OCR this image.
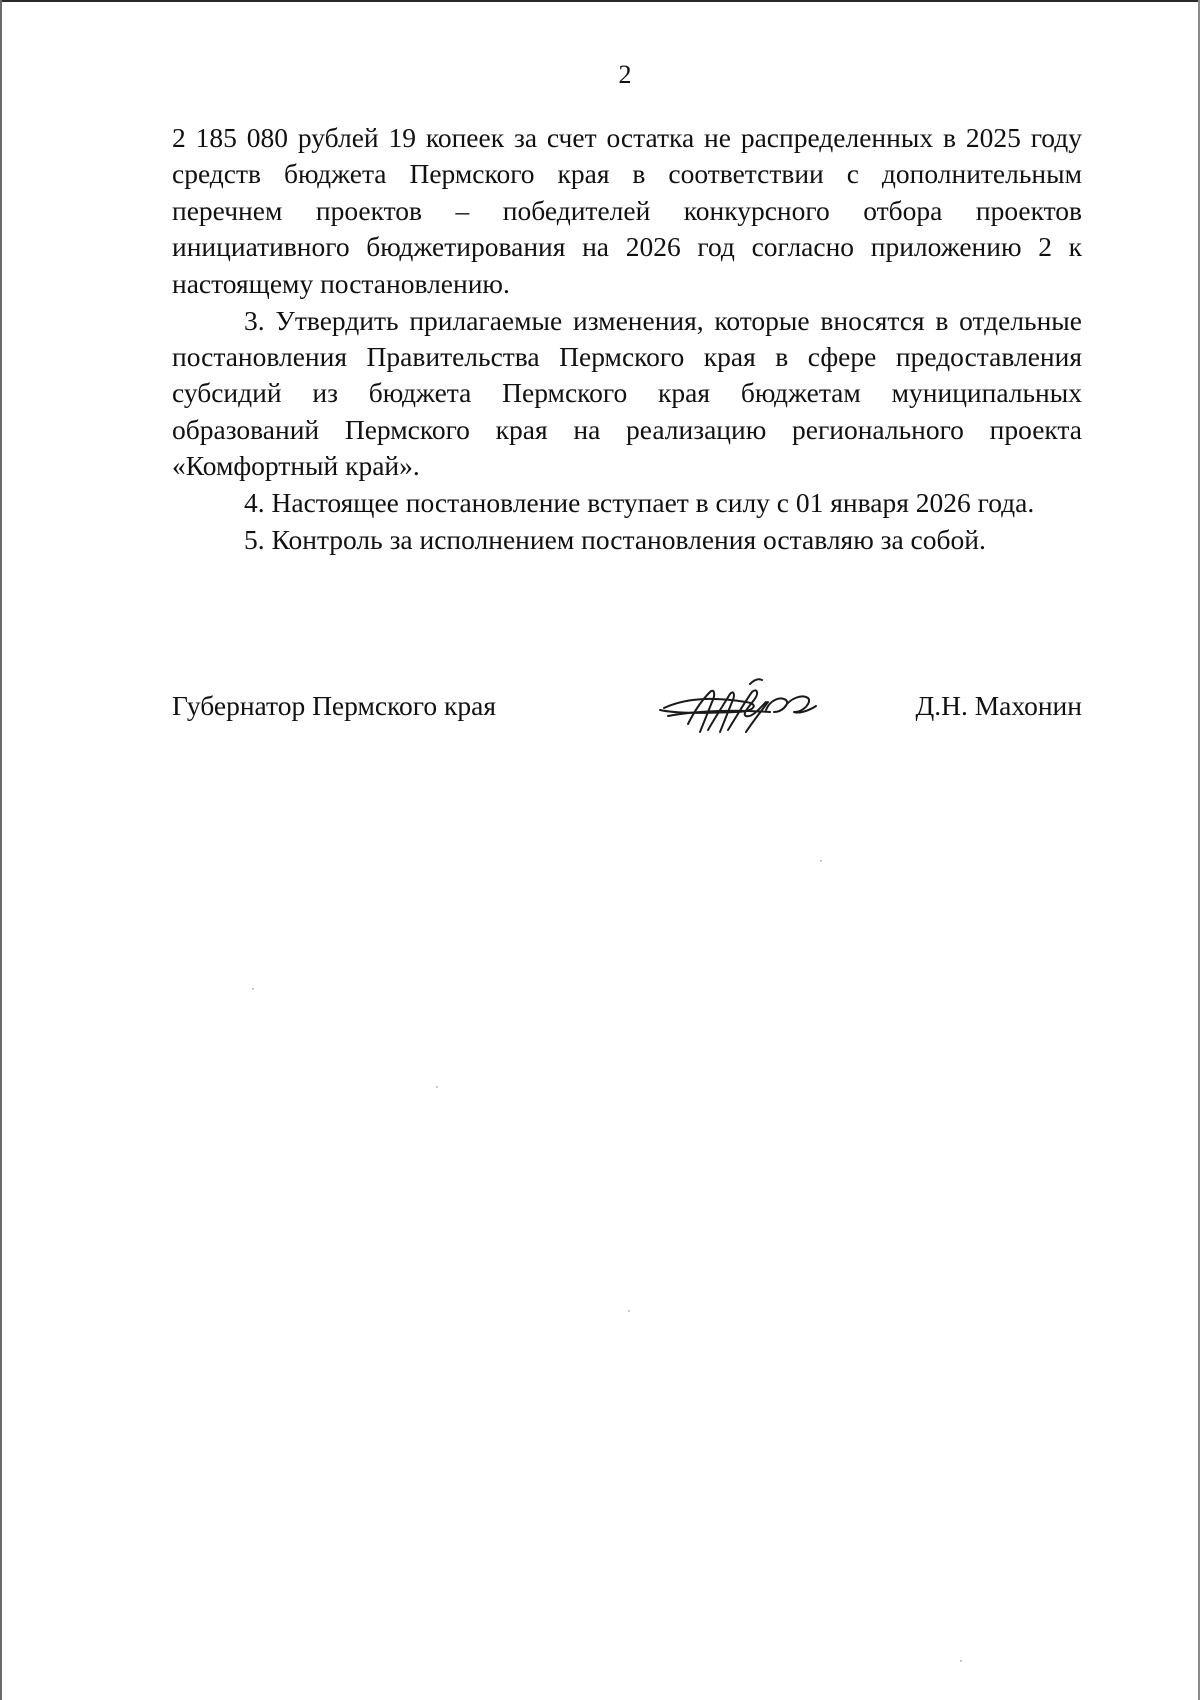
2

2 185 080 рублей 19 копеек за счет остатка не распределенных в 2025 году средств бюджета Пермского края в соответствии с дополнительным перечнем проектов – победителей конкурсного отбора проектов инициативного бюджетирования на 2026 год согласно приложению 2 к настоящему постановлению.

3. Утвердить прилагаемые изменения, которые вносятся в отдельные постановления Правительства Пермского края в сфере предоставления субсидий из бюджета Пермского края бюджетам муниципальных образований Пермского края на реализацию регионального проекта «Комфортный край».

4. Настоящее постановление вступает в силу с 01 января 2026 года.

5. Контроль за исполнением постановления оставляю за собой.

Губернатор Пермского края	Д.Н. Махонин
